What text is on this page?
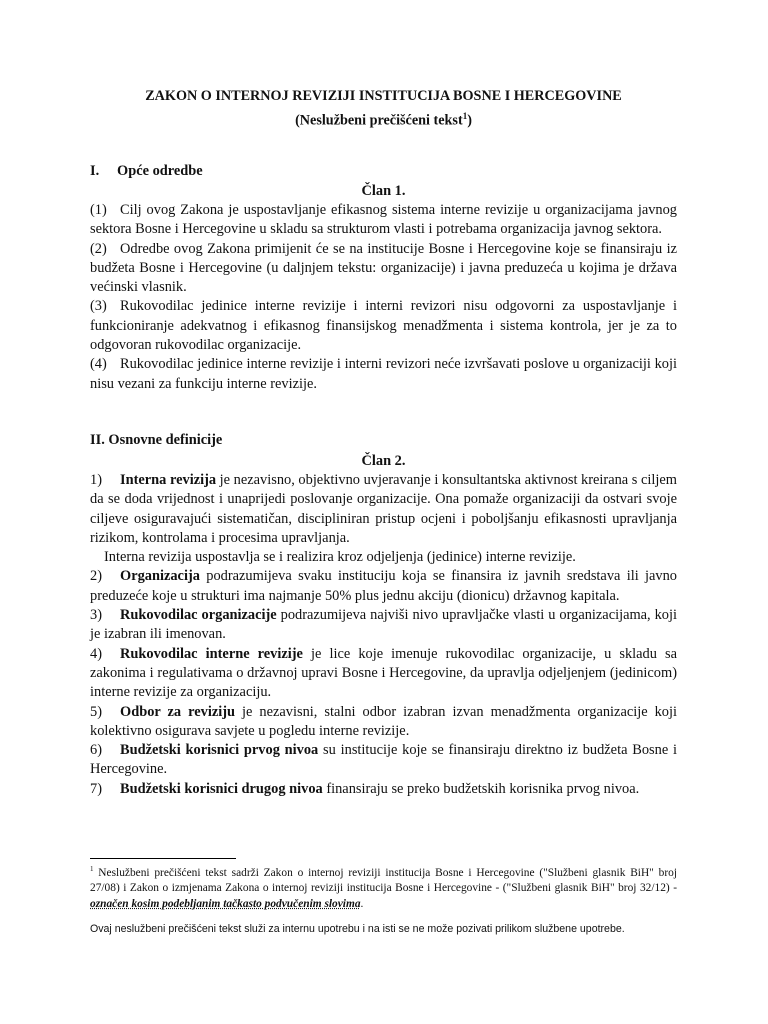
ZAKON O INTERNOJ REVIZIJI INSTITUCIJA BOSNE I HERCEGOVINE
(Neslužbeni prečišćeni tekst$^1$)
I. Opće odredbe
Član 1.

(1) Cilj ovog Zakona je uspostavljanje efikasnog sistema interne revizije u organizacijama javnog sektora Bosne i Hercegovine u skladu sa strukturom vlasti i potrebama organizacija javnog sektora.

(2) Odredbe ovog Zakona primijenit će se na institucije Bosne i Hercegovine koje se finansiraju iz budžeta Bosne i Hercegovine (u daljnjem tekstu: organizacije) i javna preduzeća u kojima je država većinski vlasnik.

(3) Rukovodilac jedinice interne revizije i interni revizori nisu odgovorni za uspostavljanje i funkcioniranje adekvatnog i efikasnog finansijskog menadžmenta i sistema kontrola, jer je za to odgovoran rukovodilac organizacije.

(4) Rukovodilac jedinice interne revizije i interni revizori neće izvršavati poslove u organizaciji koji nisu vezani za funkciju interne revizije.

II. Osnovne definicije
Član 2.

1) Interna revizija je nezavisno, objektivno uvjeravanje i konsultantska aktivnost kreirana s ciljem da se doda vrijednost i unaprijedi poslovanje organizacije. Ona pomaže organizaciji da ostvari svoje ciljeve osiguravajući sistematičan, discipliniran pristup ocjeni i poboljšanju efikasnosti upravljanja rizikom, kontrolama i procesima upravljanja.

Interna revizija uspostavlja se i realizira kroz odjeljenja (jedinice) interne revizije.

2) Organizacija podrazumijeva svaku instituciju koja se finansira iz javnih sredstava ili javno preduzeće koje u strukturi ima najmanje 50% plus jednu akciju (dionicu) državnog kapitala.

3) Rukovodilac organizacije podrazumijeva najviši nivo upravljačke vlasti u organizacijama, koji je izabran ili imenovan.

4) Rukovodilac interne revizije je lice koje imenuje rukovodilac organizacije, u skladu sa zakonima i regulativama o državnoj upravi Bosne i Hercegovine, da upravlja odjeljenjem (jedinicom) interne revizije za organizaciju.

5) Odbor za reviziju je nezavisni, stalni odbor izabran izvan menadžmenta organizacije koji kolektivno osigurava savjete u pogledu interne revizije.

6) Budžetski korisnici prvog nivoa su institucije koje se finansiraju direktno iz budžeta Bosne i Hercegovine.

7) Budžetski korisnici drugog nivoa finansiraju se preko budžetskih korisnika prvog nivoa.

$^1$ Neslužbeni prečišćeni tekst sadrži Zakon o internoj reviziji institucija Bosne i Hercegovine ("Službeni glasnik BiH" broj 27/08) i Zakon o izmjenama Zakona o internoj reviziji institucija Bosne i Hercegovine - ("Službeni glasnik BiH" broj 32/12) - označen kosim podebljanim tačkasto podvučenim slovima.
Ovaj neslužbeni prečišćeni tekst služi za internu upotrebu i na isti se ne može pozivati prilikom službene upotrebe.
